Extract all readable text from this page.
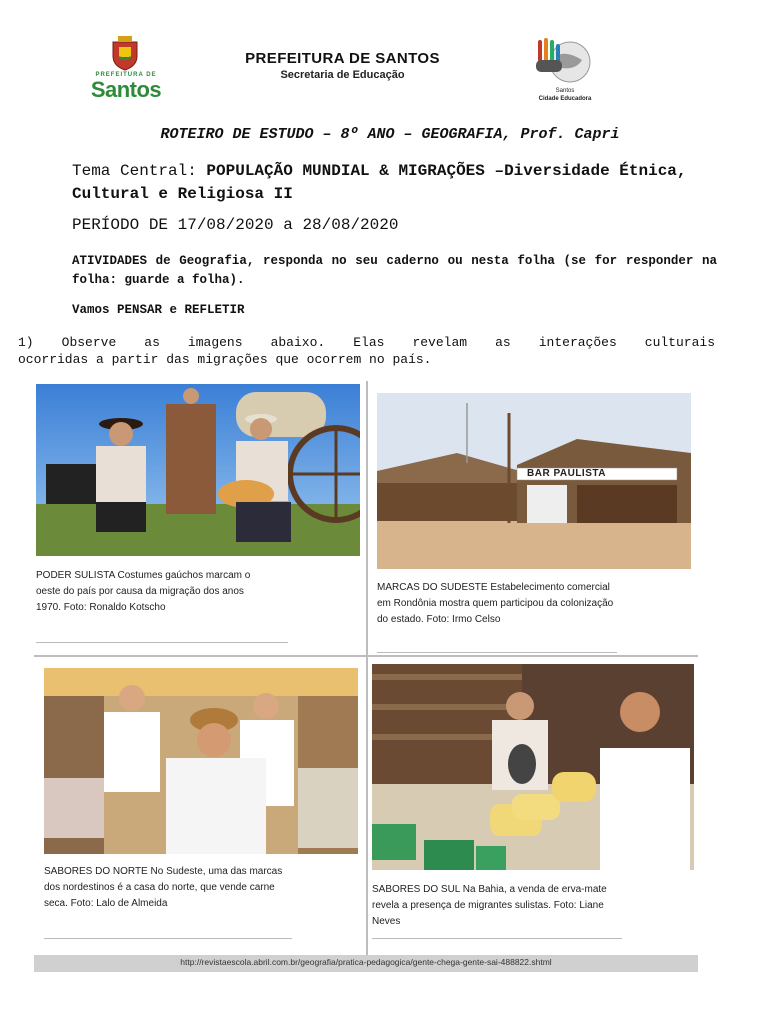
PREFEITURA DE
Santos
PREFEITURA DE SANTOS
Secretaria de Educação
Santos
Cidade Educadora
ROTEIRO DE ESTUDO – 8º ANO – GEOGRAFIA, Prof. Capri
Tema Central: POPULAÇÃO MUNDIAL & MIGRAÇÕES –Diversidade Étnica, Cultural e Religiosa II
PERÍODO DE 17/08/2020 a 28/08/2020
ATIVIDADES de Geografia, responda no seu caderno ou nesta folha (se for responder na folha: guarde a folha).
Vamos PENSAR e REFLETIR
1) Observe as imagens abaixo. Elas revelam as interações culturais
ocorridas a partir das migrações que ocorrem no país.
PODER SULISTA Costumes gaúchos marcam o oeste do país por causa da migração dos anos 1970. Foto: Ronaldo Kotscho
BAR PAULISTA
MARCAS DO SUDESTE Estabelecimento comercial em Rondônia mostra quem participou da colonização do estado. Foto: Irmo Celso
SABORES DO NORTE No Sudeste, uma das marcas dos nordestinos é a casa do norte, que vende carne seca. Foto: Lalo de Almeida
SABORES DO SUL Na Bahia, a venda de erva-mate revela a presença de migrantes sulistas. Foto: Liane Neves
http://revistaescola.abril.com.br/geografia/pratica-pedagogica/gente-chega-gente-sai-488822.shtml
